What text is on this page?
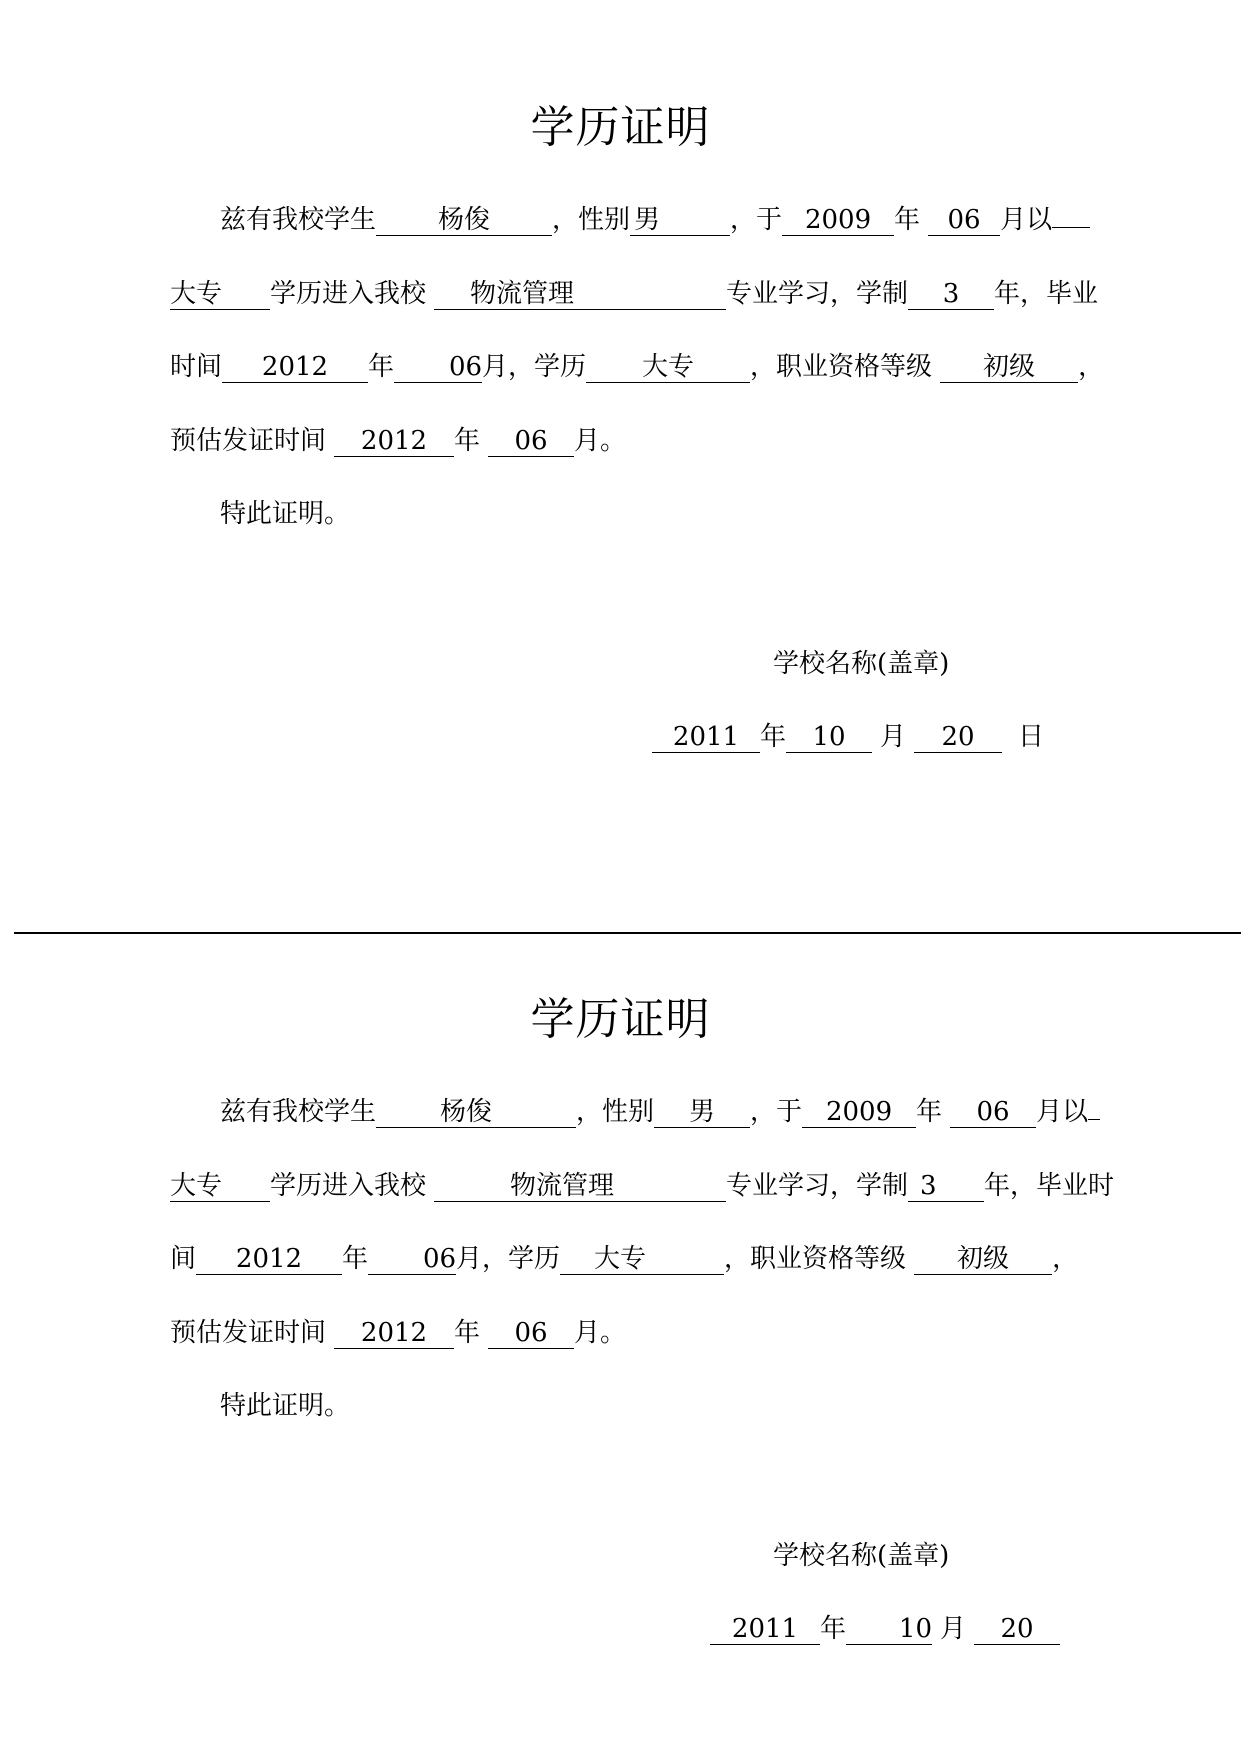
学历证明
兹有我校学生 杨俊 ，性别 男	，于 2009 年 06 月以
大专 学历进入我校 物流管理	专业学习，学制 3 年，毕业
时间 2012 年 06月，学历 大专 ，职业资格等级 初级 ，
预估发证时间 2012 年 06 月。
特此证明。
学校名称(盖章)
2011 年 10 月 20 日
学历证明
兹有我校学生 杨俊	，性别 男 ，于 2009 年 06 月以
大专 学历进入我校	物流管理	专业学习，学制 3 年，毕业时
间 2012 年 06月，学历 大专	，职业资格等级 初级 ，
预估发证时间 2012 年 06 月。
特此证明。
学校名称(盖章)
2011 年 10 月 20
